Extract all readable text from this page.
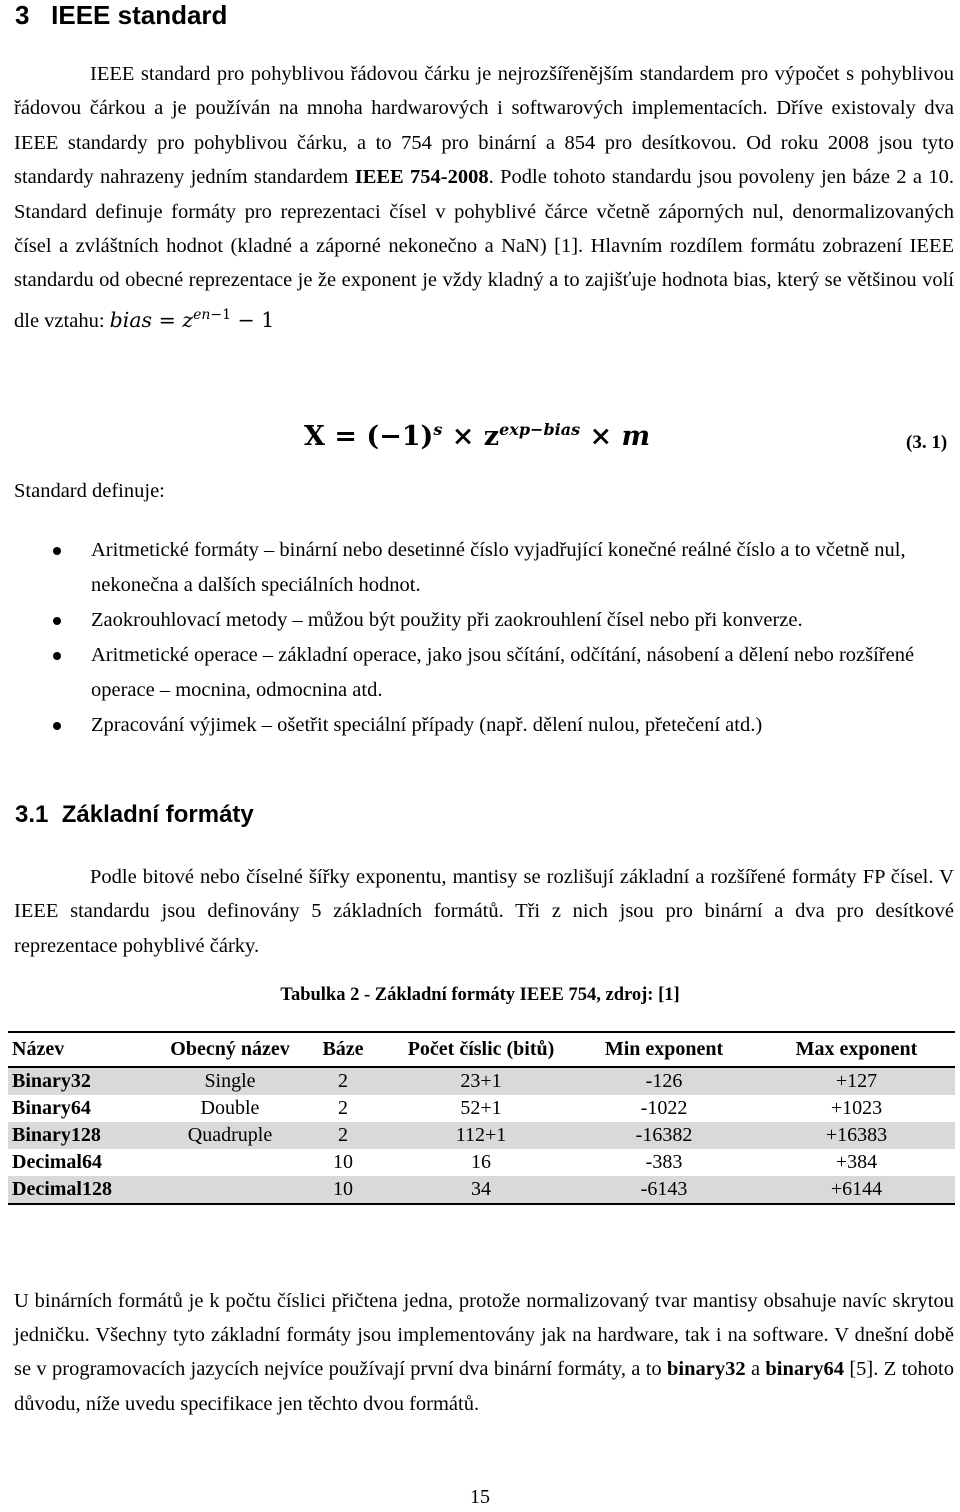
3 IEEE standard

IEEE standard pro pohyblivou řádovou čárku je nejrozšířenějším standardem pro výpočet s pohyblivou řádovou čárkou a je používán na mnoha hardwarových i softwarových implementacích. Dříve existovaly dva IEEE standardy pro pohyblivou čárku, a to 754 pro binární a 854 pro desítkovou. Od roku 2008 jsou tyto standardy nahrazeny jedním standardem IEEE 754-2008. Podle tohoto standardu jsou povoleny jen báze 2 a 10. Standard definuje formáty pro reprezentaci čísel v pohyblivé čárce včetně záporných nul, denormalizovaných čísel a zvláštních hodnot (kladné a záporné nekonečno a NaN) [1]. Hlavním rozdílem formátu zobrazení IEEE standardu od obecné reprezentace je že exponent je vždy kladný a to zajišťuje hodnota bias, který se většinou volí dle vztahu: 𝑏𝑖𝑎𝑠 = 𝑧$^{𝑒𝑛-1}$ − 1

X = (−𝟏)$^𝒔$ × $z^{𝒆𝒙𝒑-𝒃𝒊𝒂𝒔}$ × 𝒎	(3. 1)
Standard definuje:
Aritmetické formáty – binární nebo desetinné číslo vyjadřující konečné reálné číslo a to včetně nul, nekonečna a dalších speciálních hodnot.
Zaokrouhlovací metody – můžou být použity při zaokrouhlení čísel nebo při konverze.
Aritmetické operace – základní operace, jako jsou sčítání, odčítání, násobení a dělení nebo rozšířené operace – mocnina, odmocnina atd.
Zpracování výjimek – ošetřit speciální případy (např. dělení nulou, přetečení atd.)
3.1 Základní formáty

Podle bitové nebo číselné šířky exponentu, mantisy se rozlišují základní a rozšířené formáty FP čísel. V IEEE standardu jsou definovány 5 základních formátů. Tři z nich jsou pro binární a dva pro desítkové reprezentace pohyblivé čárky.

Tabulka 2 - Základní formáty IEEE 754, zdroj: [1]
Název	Obecný název	Báze	Počet číslic (bitů)	Min exponent	Max exponent
Binary32	Single	2	23+1	-126	+127
Binary64	Double	2	52+1	-1022	+1023
Binary128	Quadruple	2	112+1	-16382	+16383
Decimal64		10	16	-383	+384
Decimal128		10	34	-6143	+6144

U binárních formátů je k počtu číslici přičtena jedna, protože normalizovaný tvar mantisy obsahuje navíc skrytou jedničku. Všechny tyto základní formáty jsou implementovány jak na hardware, tak i na software. V dnešní době se v programovacích jazycích nejvíce používají první dva binární formáty, a to binary32 a binary64 [5]. Z tohoto důvodu, níže uvedu specifikace jen těchto dvou formátů.

15
